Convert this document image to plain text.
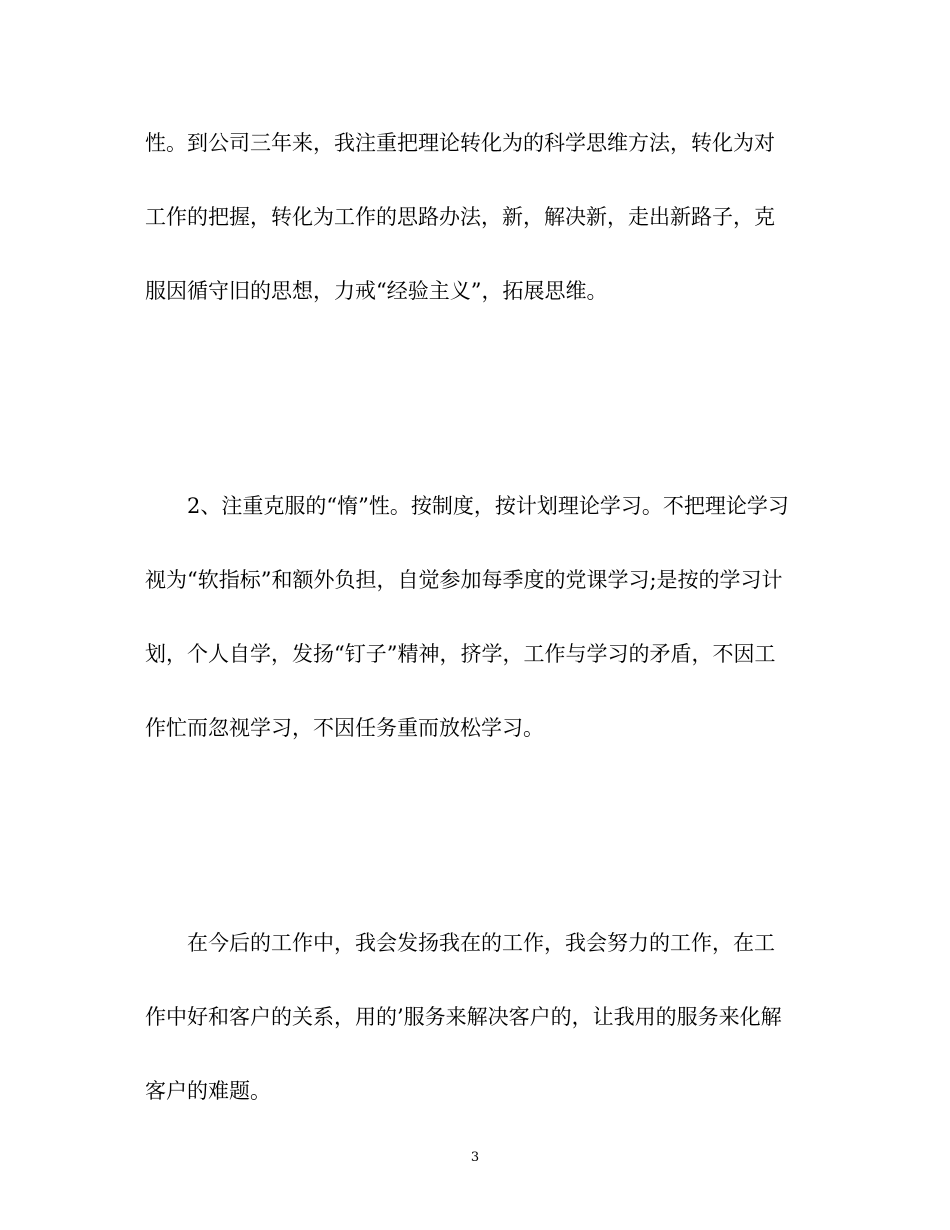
性。到公司三年来，我注重把理论转化为的科学思维方法，转化为对
工作的把握，转化为工作的思路办法，新，解决新，走出新路子，克
服因循守旧的思想，力戒“经验主义”，拓展思维。
2、注重克服的“惰”性。按制度，按计划理论学习。不把理论学习
视为“软指标”和额外负担，自觉参加每季度的党课学习;是按的学习计
划，个人自学，发扬“钉子”精神，挤学，工作与学习的矛盾，不因工
作忙而忽视学习，不因任务重而放松学习。
在今后的工作中，我会发扬我在的工作，我会努力的工作，在工
作中好和客户的关系，用的’服务来解决客户的，让我用的服务来化解
客户的难题。
3
